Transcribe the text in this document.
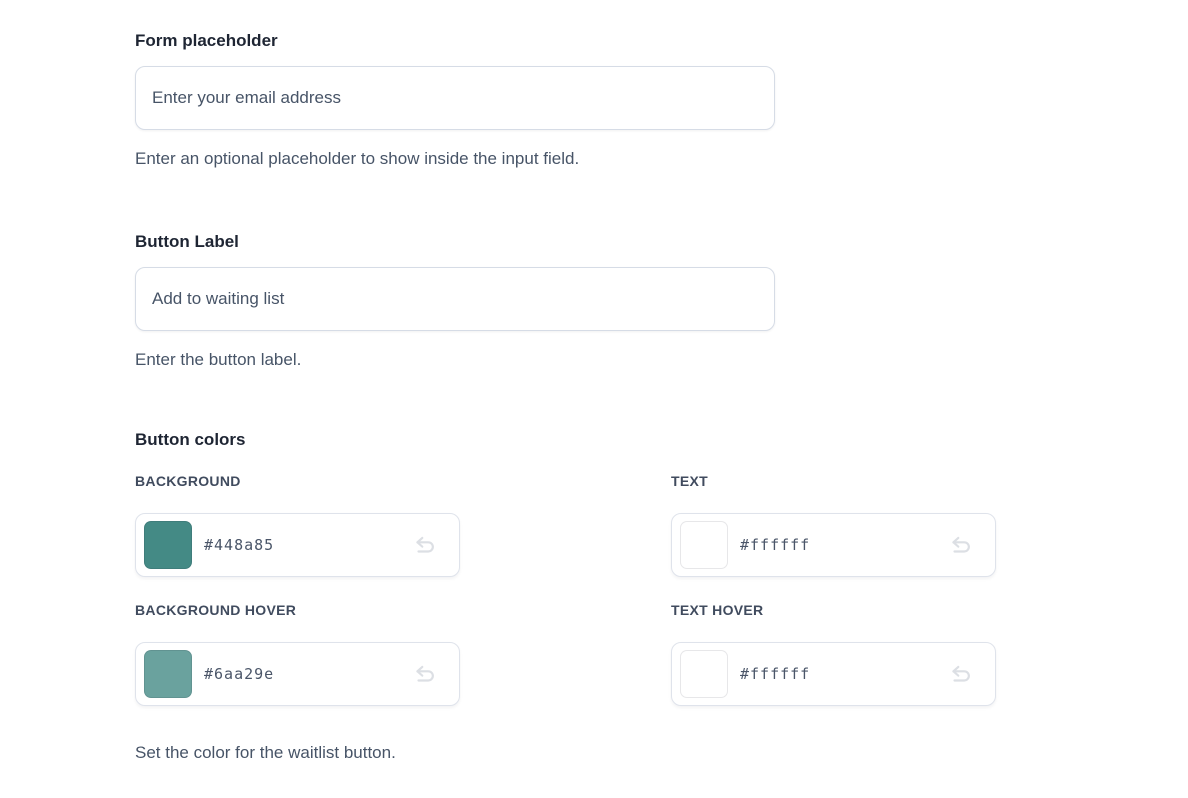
Form placeholder
Enter your email address
Enter an optional placeholder to show inside the input field.
Button Label
Add to waiting list
Enter the button label.
Button colors
BACKGROUND
#448a85	TEXT
#ffffff
BACKGROUND HOVER
#6aa29e	TEXT HOVER
#ffffff
Set the color for the waitlist button.
